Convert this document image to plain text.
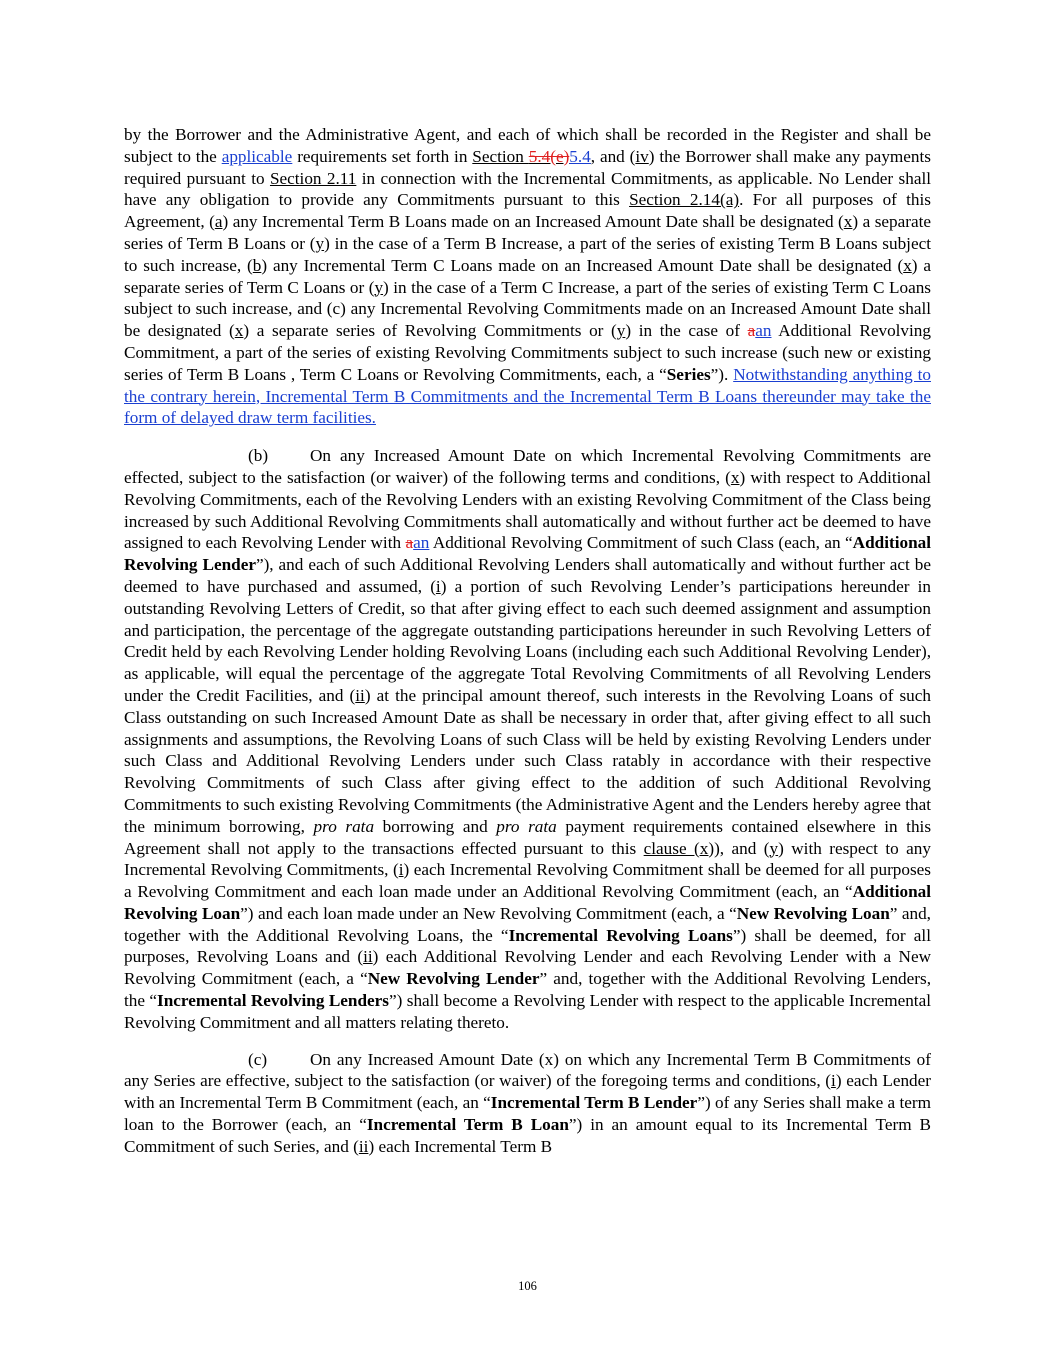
by the Borrower and the Administrative Agent, and each of which shall be recorded in the Register and shall be subject to the applicable requirements set forth in Section 5.4(e)5.4, and (iv) the Borrower shall make any payments required pursuant to Section 2.11 in connection with the Incremental Commitments, as applicable. No Lender shall have any obligation to provide any Commitments pursuant to this Section 2.14(a). For all purposes of this Agreement, (a) any Incremental Term B Loans made on an Increased Amount Date shall be designated (x) a separate series of Term B Loans or (y) in the case of a Term B Increase, a part of the series of existing Term B Loans subject to such increase, (b) any Incremental Term C Loans made on an Increased Amount Date shall be designated (x) a separate series of Term C Loans or (y) in the case of a Term C Increase, a part of the series of existing Term C Loans subject to such increase, and (c) any Incremental Revolving Commitments made on an Increased Amount Date shall be designated (x) a separate series of Revolving Commitments or (y) in the case of aan Additional Revolving Commitment, a part of the series of existing Revolving Commitments subject to such increase (such new or existing series of Term B Loans , Term C Loans or Revolving Commitments, each, a “Series”). Notwithstanding anything to the contrary herein, Incremental Term B Commitments and the Incremental Term B Loans thereunder may take the form of delayed draw term facilities.

(b) On any Increased Amount Date on which Incremental Revolving Commitments are effected, subject to the satisfaction (or waiver) of the following terms and conditions, (x) with respect to Additional Revolving Commitments, each of the Revolving Lenders with an existing Revolving Commitment of the Class being increased by such Additional Revolving Commitments shall automatically and without further act be deemed to have assigned to each Revolving Lender with aan Additional Revolving Commitment of such Class (each, an “Additional Revolving Lender”), and each of such Additional Revolving Lenders shall automatically and without further act be deemed to have purchased and assumed, (i) a portion of such Revolving Lender’s participations hereunder in outstanding Revolving Letters of Credit, so that after giving effect to each such deemed assignment and assumption and participation, the percentage of the aggregate outstanding participations hereunder in such Revolving Letters of Credit held by each Revolving Lender holding Revolving Loans (including each such Additional Revolving Lender), as applicable, will equal the percentage of the aggregate Total Revolving Commitments of all Revolving Lenders under the Credit Facilities, and (ii) at the principal amount thereof, such interests in the Revolving Loans of such Class outstanding on such Increased Amount Date as shall be necessary in order that, after giving effect to all such assignments and assumptions, the Revolving Loans of such Class will be held by existing Revolving Lenders under such Class and Additional Revolving Lenders under such Class ratably in accordance with their respective Revolving Commitments of such Class after giving effect to the addition of such Additional Revolving Commitments to such existing Revolving Commitments (the Administrative Agent and the Lenders hereby agree that the minimum borrowing, pro rata borrowing and pro rata payment requirements contained elsewhere in this Agreement shall not apply to the transactions effected pursuant to this clause (x)), and (y) with respect to any Incremental Revolving Commitments, (i) each Incremental Revolving Commitment shall be deemed for all purposes a Revolving Commitment and each loan made under an Additional Revolving Commitment (each, an “Additional Revolving Loan”) and each loan made under an New Revolving Commitment (each, a “New Revolving Loan” and, together with the Additional Revolving Loans, the “Incremental Revolving Loans”) shall be deemed, for all purposes, Revolving Loans and (ii) each Additional Revolving Lender and each Revolving Lender with a New Revolving Commitment (each, a “New Revolving Lender” and, together with the Additional Revolving Lenders, the “Incremental Revolving Lenders”) shall become a Revolving Lender with respect to the applicable Incremental Revolving Commitment and all matters relating thereto.

(c) On any Increased Amount Date (x) on which any Incremental Term B Commitments of any Series are effective, subject to the satisfaction (or waiver) of the foregoing terms and conditions, (i) each Lender with an Incremental Term B Commitment (each, an “Incremental Term B Lender”) of any Series shall make a term loan to the Borrower (each, an “Incremental Term B Loan”) in an amount equal to its Incremental Term B Commitment of such Series, and (ii) each Incremental Term B

106
